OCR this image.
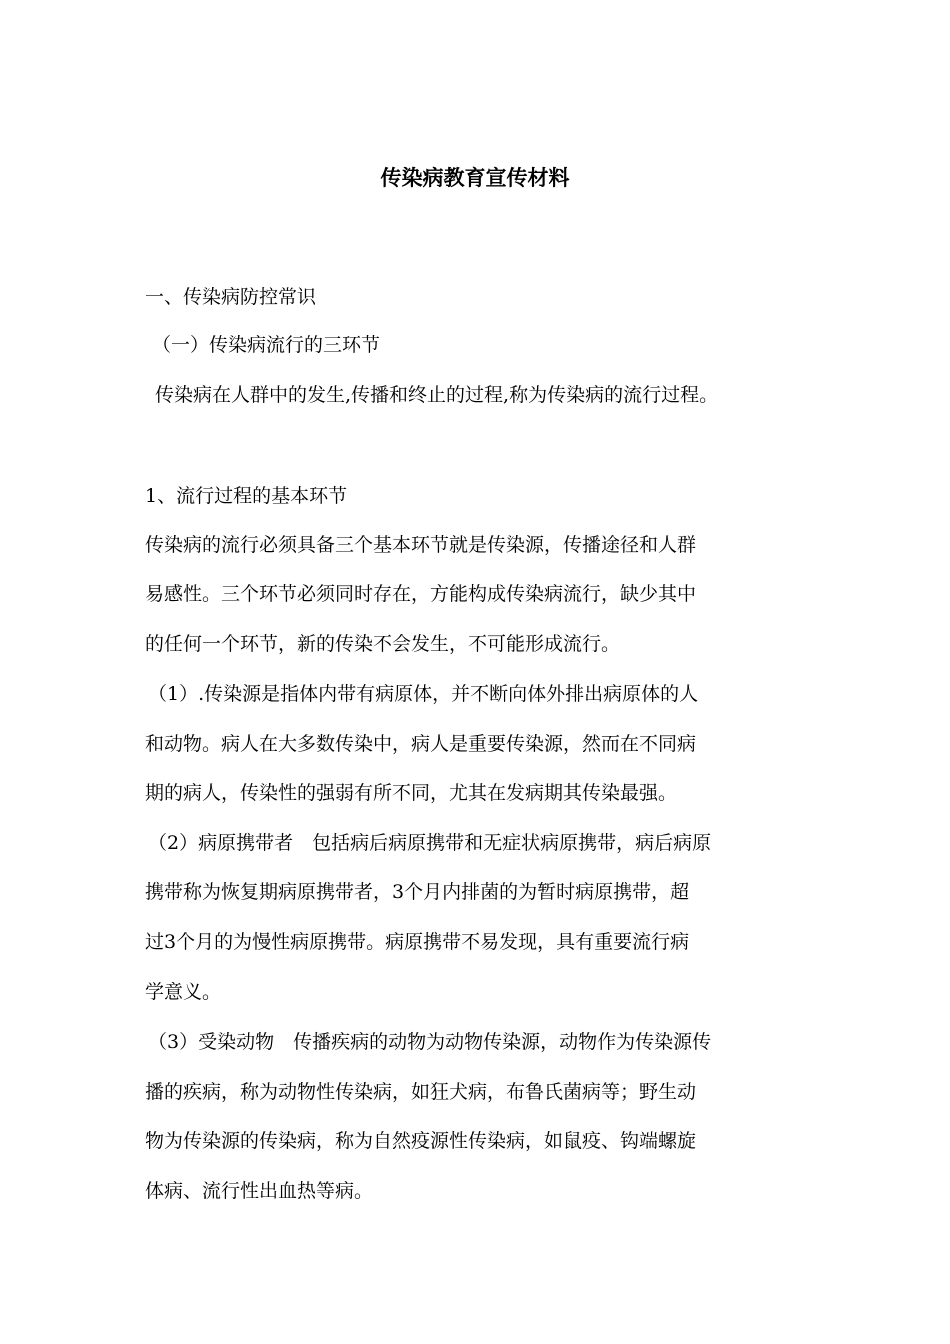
传染病教育宣传材料
一、传染病防控常识
（一）传染病流行的三环节
传染病在人群中的发生,传播和终止的过程,称为传染病的流行过程。
1、流行过程的基本环节
传染病的流行必须具备三个基本环节就是传染源，传播途径和人群
易感性。三个环节必须同时存在，方能构成传染病流行，缺少其中
的任何一个环节，新的传染不会发生，不可能形成流行。
（1）.传染源是指体内带有病原体，并不断向体外排出病原体的人
和动物。病人在大多数传染中，病人是重要传染源，然而在不同病
期的病人，传染性的强弱有所不同，尤其在发病期其传染最强。
（2）病原携带者　包括病后病原携带和无症状病原携带，病后病原
携带称为恢复期病原携带者，3个月内排菌的为暂时病原携带，超
过3个月的为慢性病原携带。病原携带不易发现，具有重要流行病
学意义。
（3）受染动物　传播疾病的动物为动物传染源，动物作为传染源传
播的疾病，称为动物性传染病，如狂犬病，布鲁氏菌病等；野生动
物为传染源的传染病，称为自然疫源性传染病，如鼠疫、钩端螺旋
体病、流行性出血热等病。
